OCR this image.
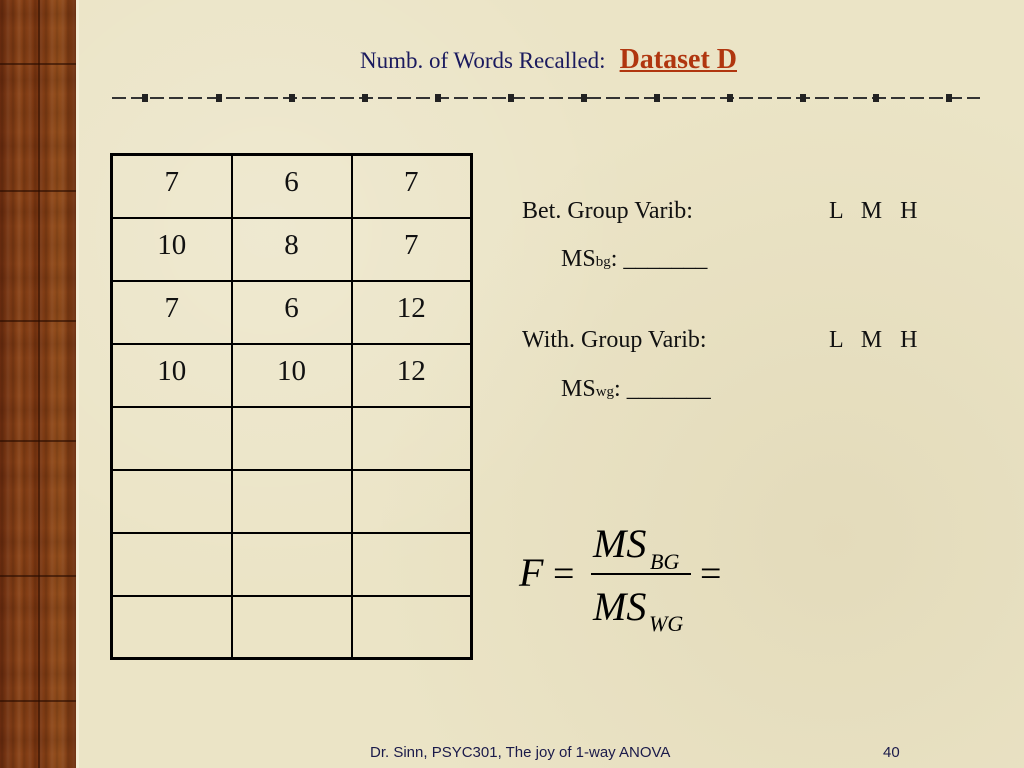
Numb. of Words Recalled: Dataset D
7	6	7
10	8	7
7	6	12
10	10	12

Bet. Group Varib:	L   M   H
MSbg: _______
With. Group Varib:	L   M   H
MSwg: _______
F =
MS BG
MS WG
=
Dr. Sinn, PSYC301, The joy of 1-way ANOVA	40
